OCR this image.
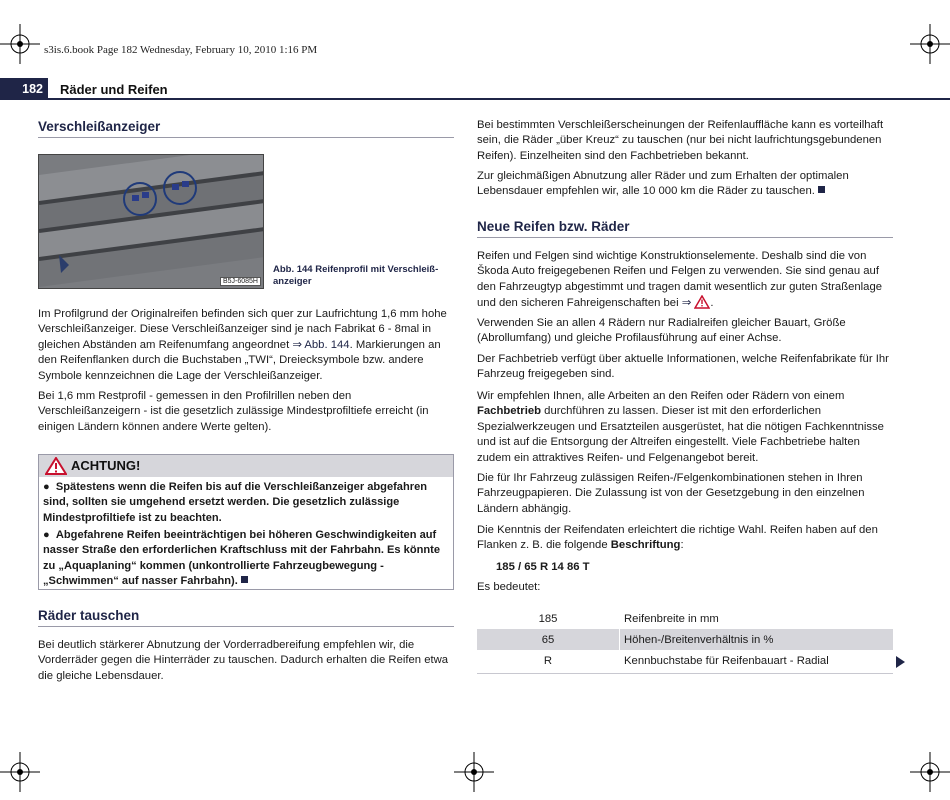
s3is.6.book Page 182 Wednesday, February 10, 2010 1:16 PM
182	Räder und Reifen
Verschleißanzeiger
B5J-6085H
Abb. 144 Reifenprofil mit Verschleiß-anzeiger

Im Profilgrund der Originalreifen befinden sich quer zur Laufrichtung 1,6 mm hohe Verschleißanzeiger. Diese Verschleißanzeiger sind je nach Fabrikat 6 - 8mal in gleichen Abständen am Reifenumfang angeordnet ⇒ Abb. 144. Markierungen an den Reifenflanken durch die Buchstaben „TWI“, Dreiecksymbole bzw. andere Symbole kennzeichnen die Lage der Verschleißanzeiger.

Bei 1,6 mm Restprofil - gemessen in den Profilrillen neben den Verschleißanzeigern - ist die gesetzlich zulässige Mindestprofiltiefe erreicht (in einigen Ländern können andere Werte gelten).

ACHTUNG!
●  Spätestens wenn die Reifen bis auf die Verschleißanzeiger abgefahren sind, sollten sie umgehend ersetzt werden. Die gesetzlich zulässige Mindestprofiltiefe ist zu beachten.
●  Abgefahrene Reifen beeinträchtigen bei höheren Geschwindigkeiten auf nasser Straße den erforderlichen Kraftschluss mit der Fahrbahn. Es könnte zu „Aquaplaning“ kommen (unkontrollierte Fahrzeugbewegung - „Schwimmen“ auf nasser Fahrbahn).
Räder tauschen

Bei deutlich stärkerer Abnutzung der Vorderradbereifung empfehlen wir, die Vorderräder gegen die Hinterräder zu tauschen. Dadurch erhalten die Reifen etwa die gleiche Lebensdauer.

Bei bestimmten Verschleißerscheinungen der Reifenlauffläche kann es vorteilhaft sein, die Räder „über Kreuz“ zu tauschen (nur bei nicht laufrichtungsgebundenen Reifen). Einzelheiten sind den Fachbetrieben bekannt.

Zur gleichmäßigen Abnutzung aller Räder und zum Erhalten der optimalen Lebensdauer empfehlen wir, alle 10 000 km die Räder zu tauschen.

Neue Reifen bzw. Räder

Reifen und Felgen sind wichtige Konstruktionselemente. Deshalb sind die von Škoda Auto freigegebenen Reifen und Felgen zu verwenden. Sie sind genau auf den Fahrzeugtyp abgestimmt und tragen damit wesentlich zur guten Straßenlage und den sicheren Fahreigenschaften bei ⇒ .

Verwenden Sie an allen 4 Rädern nur Radialreifen gleicher Bauart, Größe (Abrollumfang) und gleiche Profilausführung auf einer Achse.

Der Fachbetrieb verfügt über aktuelle Informationen, welche Reifenfabrikate für Ihr Fahrzeug freigegeben sind.

Wir empfehlen Ihnen, alle Arbeiten an den Reifen oder Rädern von einem Fachbetrieb durchführen zu lassen. Dieser ist mit den erforderlichen Spezialwerkzeugen und Ersatzteilen ausgerüstet, hat die nötigen Fachkenntnisse und ist auf die Entsorgung der Altreifen eingestellt. Viele Fachbetriebe halten zudem ein attraktives Reifen- und Felgenangebot bereit.

Die für Ihr Fahrzeug zulässigen Reifen-/Felgenkombinationen stehen in Ihren Fahrzeugpapieren. Die Zulassung ist von der Gesetzgebung in den einzelnen Ländern abhängig.

Die Kenntnis der Reifendaten erleichtert die richtige Wahl. Reifen haben auf den Flanken z. B. die folgende Beschriftung:

185 / 65 R 14 86 T

Es bedeutet:

185	Reifenbreite in mm
65	Höhen-/Breitenverhältnis in %
R	Kennbuchstabe für Reifenbauart - Radial
